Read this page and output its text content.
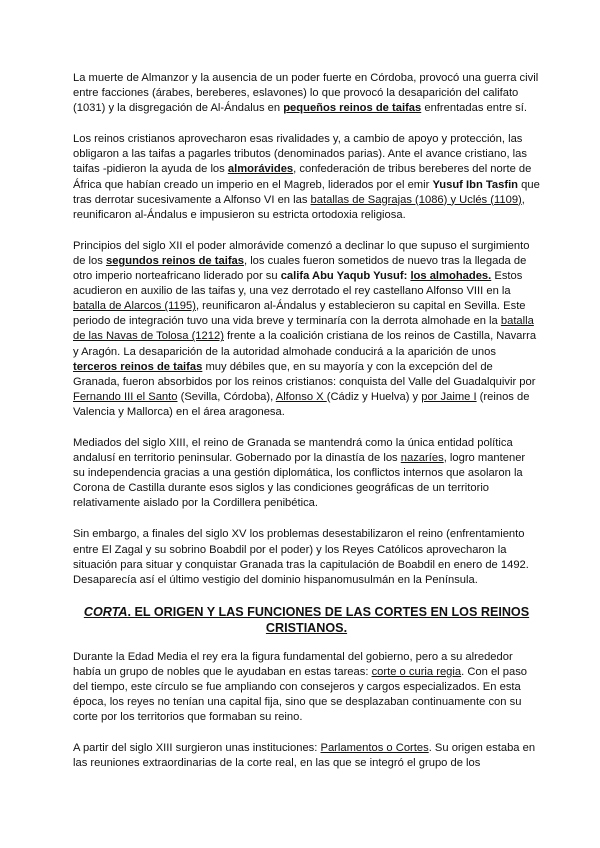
La muerte de Almanzor y la ausencia de un poder fuerte en Córdoba, provocó una guerra civil entre facciones (árabes, bereberes, eslavones) lo que provocó la desaparición del califato (1031) y la disgregación de Al-Ándalus en pequeños reinos de taifas enfrentadas entre sí.

Los reinos cristianos aprovecharon esas rivalidades y, a cambio de apoyo y protección, las obligaron a las taifas a pagarles tributos (denominados parias). Ante el avance cristiano, las taifas -pidieron la ayuda de los almorávides, confederación de tribus bereberes del norte de África que habían creado un imperio en el Magreb, liderados por el emir Yusuf Ibn Tasfin que tras derrotar sucesivamente a Alfonso VI en las batallas de Sagrajas (1086) y Uclés (1109), reunificaron al-Ándalus e impusieron su estricta ortodoxia religiosa.

Principios del siglo XII el poder almorávide comenzó a declinar lo que supuso el surgimiento de los segundos reinos de taifas, los cuales fueron sometidos de nuevo tras la llegada de otro imperio norteafricano liderado por su califa Abu Yaqub Yusuf: los almohades. Estos acudieron en auxilio de las taifas y, una vez derrotado el rey castellano Alfonso VIII en la batalla de Alarcos (1195), reunificaron al-Ándalus y establecieron su capital en Sevilla. Este periodo de integración tuvo una vida breve y terminaría con la derrota almohade en la batalla de las Navas de Tolosa (1212) frente a la coalición cristiana de los reinos de Castilla, Navarra y Aragón. La desaparición de la autoridad almohade conducirá a la aparición de unos terceros reinos de taifas muy débiles que, en su mayoría y con la excepción del de Granada, fueron absorbidos por los reinos cristianos: conquista del Valle del Guadalquivir por Fernando III el Santo (Sevilla, Córdoba), Alfonso X (Cádiz y Huelva) y por Jaime I (reinos de Valencia y Mallorca) en el área aragonesa.

Mediados del siglo XIII, el reino de Granada se mantendrá como la única entidad política andalusí en territorio peninsular. Gobernado por la dinastía de los nazaríes, logro mantener su independencia gracias a una gestión diplomática, los conflictos internos que asolaron la Corona de Castilla durante esos siglos y las condiciones geográficas de un territorio relativamente aislado por la Cordillera penibética.

Sin embargo, a finales del siglo XV los problemas desestabilizaron el reino (enfrentamiento entre El Zagal y su sobrino Boabdil por el poder) y los Reyes Católicos aprovecharon la situación para situar y conquistar Granada tras la capitulación de Boabdil en enero de 1492. Desaparecía así el último vestigio del dominio hispanomusulmán en la Península.

CORTA. EL ORIGEN Y LAS FUNCIONES DE LAS CORTES EN LOS REINOS CRISTIANOS.

Durante la Edad Media el rey era la figura fundamental del gobierno, pero a su alrededor había un grupo de nobles que le ayudaban en estas tareas: corte o curia regia. Con el paso del tiempo, este círculo se fue ampliando con consejeros y cargos especializados. En esta época, los reyes no tenían una capital fija, sino que se desplazaban continuamente con su corte por los territorios que formaban su reino.

A partir del siglo XIII surgieron unas instituciones: Parlamentos o Cortes. Su origen estaba en las reuniones extraordinarias de la corte real, en las que se integró el grupo de los
